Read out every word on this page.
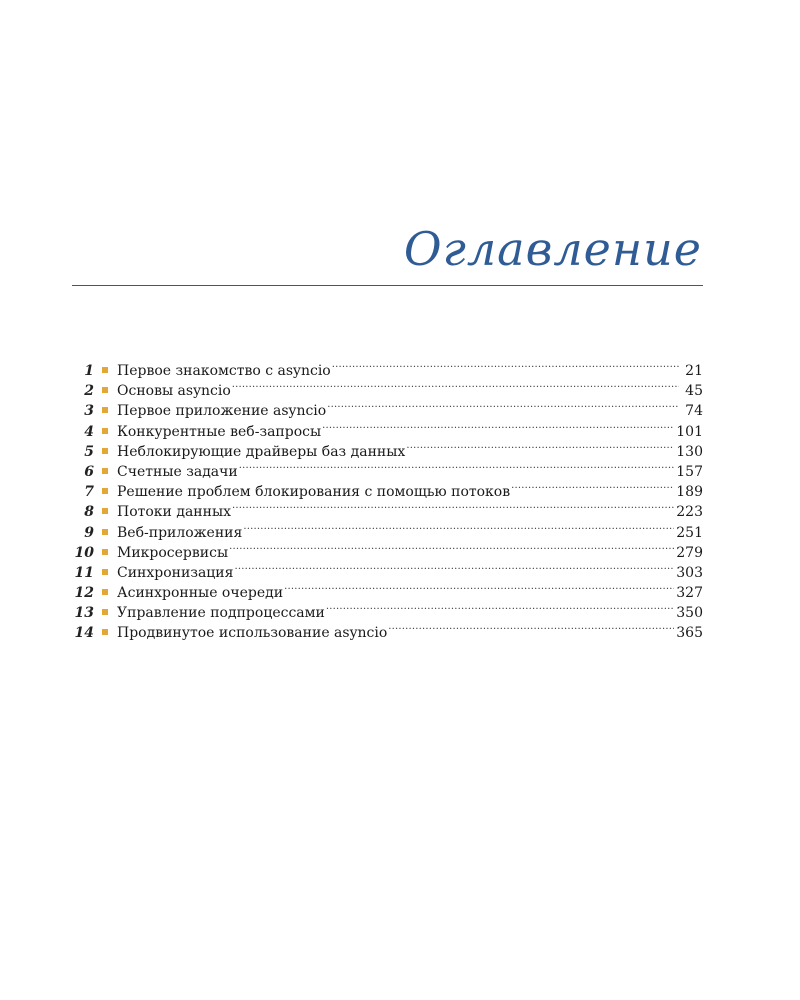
Оглавление
1 Первое знакомство с asyncio .....	21
2 Основы asyncio .....	45
3 Первое приложение asyncio .....	74
4 Конкурентные веб-запросы .....	101
5 Неблокирующие драйверы баз данных .....	130
6 Счетные задачи .....	157
7 Решение проблем блокирования с помощью потоков .....	189
8 Потоки данных .....	223
9 Веб-приложения .....	251
10 Микросервисы .....	279
11 Синхронизация .....	303
12 Асинхронные очереди .....	327
13 Управление подпроцессами .....	350
14 Продвинутое использование asyncio .....	365
